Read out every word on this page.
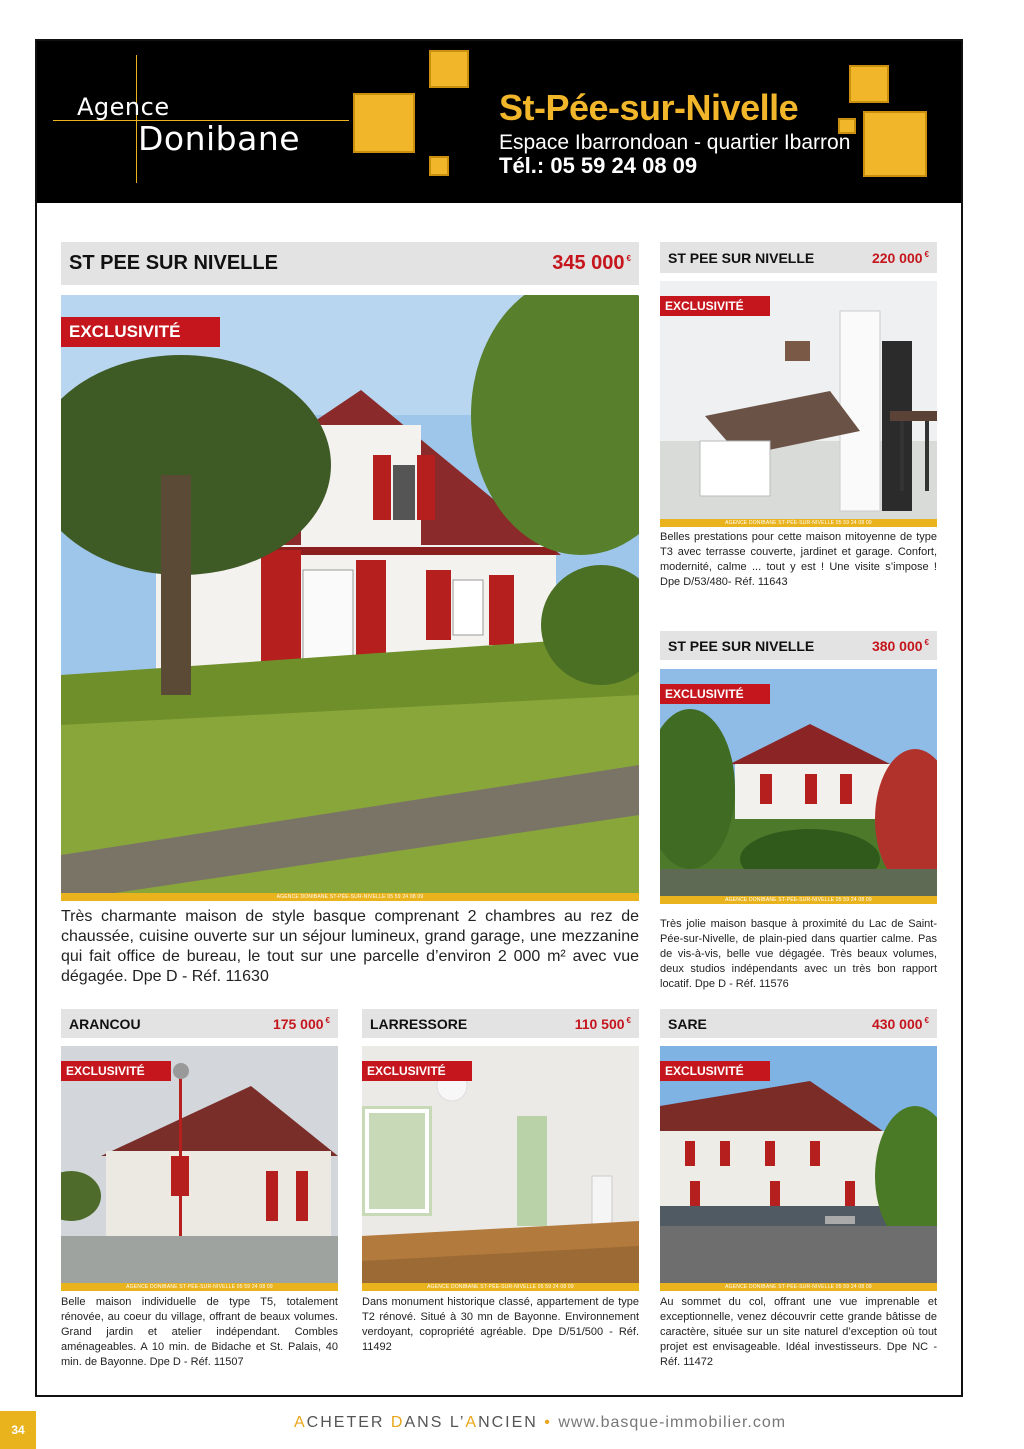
Agence
Donibane
St-Pée-sur-Nivelle
Espace Ibarrondoan - quartier Ibarron
Tél.: 05 59 24 08 09
ST PEE SUR NIVELLE	345 000 €
EXCLUSIVITÉ
AGENCE DONIBANE ST-PÉE-SUR-NIVELLE 05 59 24 08 09
Très charmante maison de style basque comprenant 2 chambres au rez de chaussée, cuisine ouverte sur un séjour lumineux, grand garage, une mezzanine qui fait office de bureau, le tout sur une parcelle d’environ 2 000 m² avec vue dégagée. Dpe D - Réf. 11630
ST PEE SUR NIVELLE	220 000 €
EXCLUSIVITÉ
AGENCE DONIBANE ST-PÉE-SUR-NIVELLE 05 59 24 08 09
Belles prestations pour cette maison mitoyenne de type T3 avec terrasse couverte, jardinet et garage. Confort, modernité, calme ... tout y est ! Une visite s’impose ! Dpe D/53/480- Réf. 11643
ST PEE SUR NIVELLE	380 000 €
EXCLUSIVITÉ
AGENCE DONIBANE ST-PÉE-SUR-NIVELLE 05 59 24 08 09
Très jolie maison basque à proximité du Lac de Saint-Pée-sur-Nivelle, de plain-pied dans quartier calme. Pas de vis-à-vis, belle vue dégagée. Très beaux volumes, deux studios indépendants avec un très bon rapport locatif. Dpe D - Réf. 11576
ARANCOU	175 000 €
EXCLUSIVITÉ
AGENCE DONIBANE ST-PÉE-SUR-NIVELLE 05 59 24 08 09
Belle maison individuelle de type T5, totalement rénovée, au coeur du village, offrant de beaux volumes. Grand jardin et atelier indépendant. Combles aménageables. A 10 min. de Bidache et St. Palais, 40 min. de Bayonne. Dpe D - Réf. 11507
LARRESSORE	110 500 €
EXCLUSIVITÉ
AGENCE DONIBANE ST-PÉE-SUR-NIVELLE 05 59 24 08 09
Dans monument historique classé, appartement de type T2 rénové. Situé à 30 mn de Bayonne. Environnement verdoyant, copropriété agréable. Dpe D/51/500 - Réf. 11492
SARE	430 000 €
EXCLUSIVITÉ
AGENCE DONIBANE ST-PÉE-SUR-NIVELLE 05 59 24 08 09
Au sommet du col, offrant une vue imprenable et exceptionnelle, venez découvrir cette grande bâtisse de caractère, située sur un site naturel d’exception où tout projet est envisageable. Idéal investisseurs. Dpe NC - Réf. 11472
34	ACHETER DANS L’ANCIEN • www.basque-immobilier.com
